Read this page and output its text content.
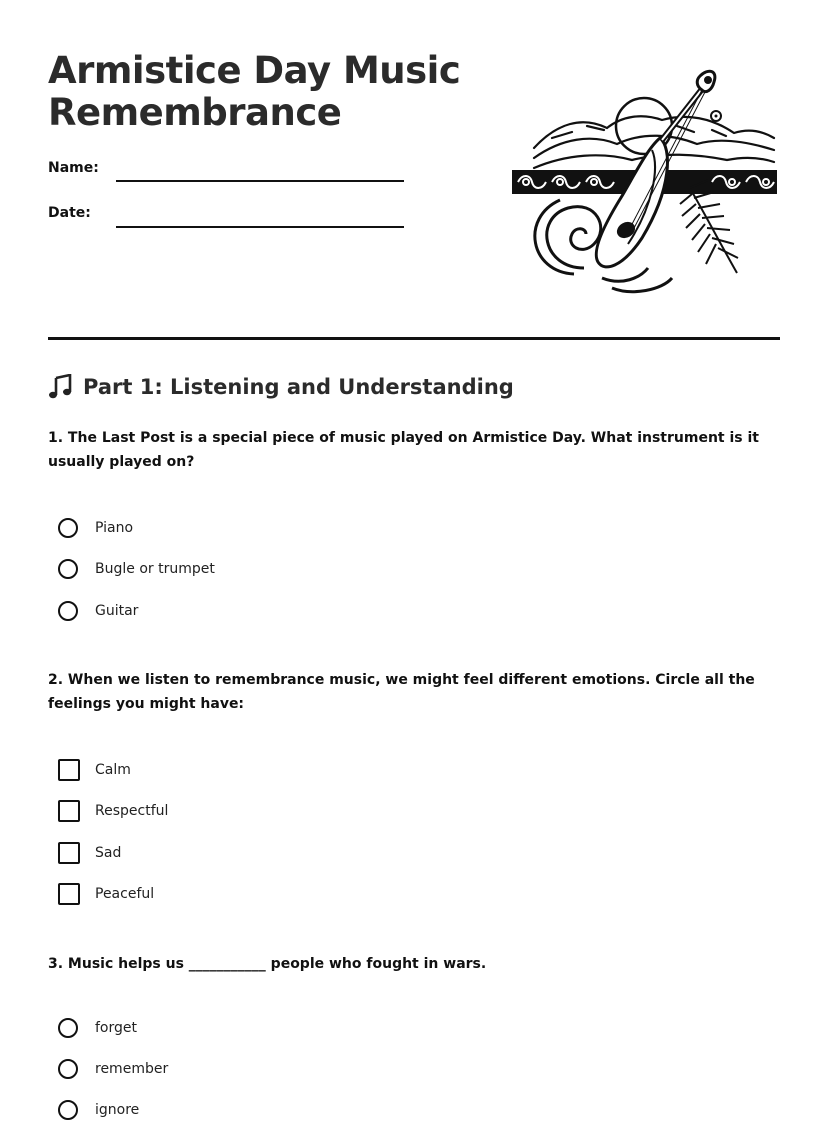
Armistice Day Music Remembrance
Name:
Date:
Part 1: Listening and Understanding
1. The Last Post is a special piece of music played on Armistice Day. What instrument is it usually played on?
Piano
Bugle or trumpet
Guitar
2. When we listen to remembrance music, we might feel different emotions. Circle all the feelings you might have:
Calm
Respectful
Sad
Peaceful
3. Music helps us ___________ people who fought in wars.
forget
remember
ignore
